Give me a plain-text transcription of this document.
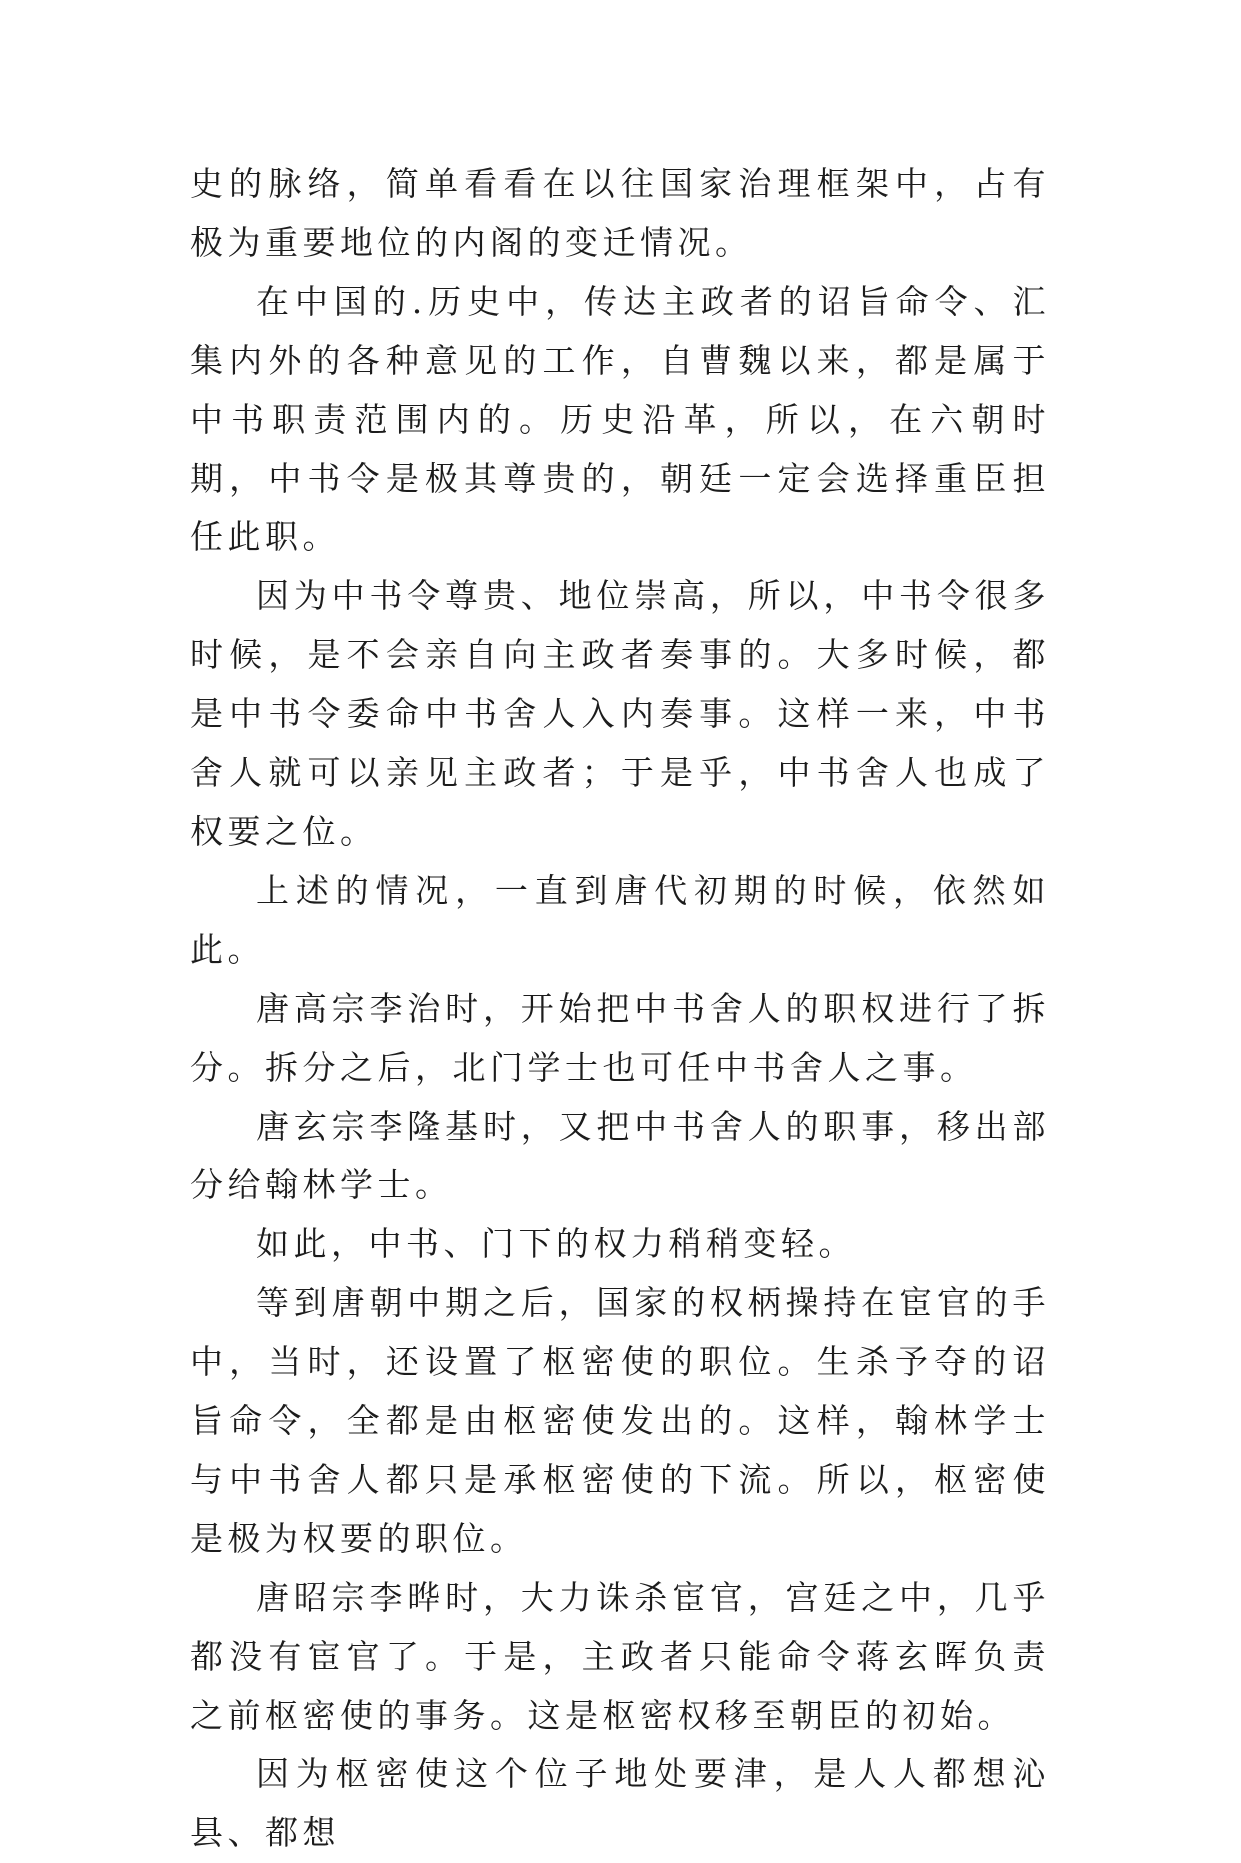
史的脉络，简单看看在以往国家治理框架中，占有极为重要地位的内阁的变迁情况。

在中国的.历史中，传达主政者的诏旨命令、汇集内外的各种意见的工作，自曹魏以来，都是属于中书职责范围内的。历史沿革，所以，在六朝时期，中书令是极其尊贵的，朝廷一定会选择重臣担任此职。

因为中书令尊贵、地位崇高，所以，中书令很多时候，是不会亲自向主政者奏事的。大多时候，都是中书令委命中书舍人入内奏事。这样一来，中书舍人就可以亲见主政者；于是乎，中书舍人也成了权要之位。

上述的情况，一直到唐代初期的时候，依然如此。

唐高宗李治时，开始把中书舍人的职权进行了拆分。拆分之后，北门学士也可任中书舍人之事。

唐玄宗李隆基时，又把中书舍人的职事，移出部分给翰林学士。

如此，中书、门下的权力稍稍变轻。

等到唐朝中期之后，国家的权柄操持在宦官的手中，当时，还设置了枢密使的职位。生杀予夺的诏旨命令，全都是由枢密使发出的。这样，翰林学士与中书舍人都只是承枢密使的下流。所以，枢密使是极为权要的职位。

唐昭宗李晔时，大力诛杀宦官，宫廷之中，几乎都没有宦官了。于是，主政者只能命令蒋玄晖负责之前枢密使的事务。这是枢密权移至朝臣的初始。

因为枢密使这个位子地处要津，是人人都想沁县、都想
